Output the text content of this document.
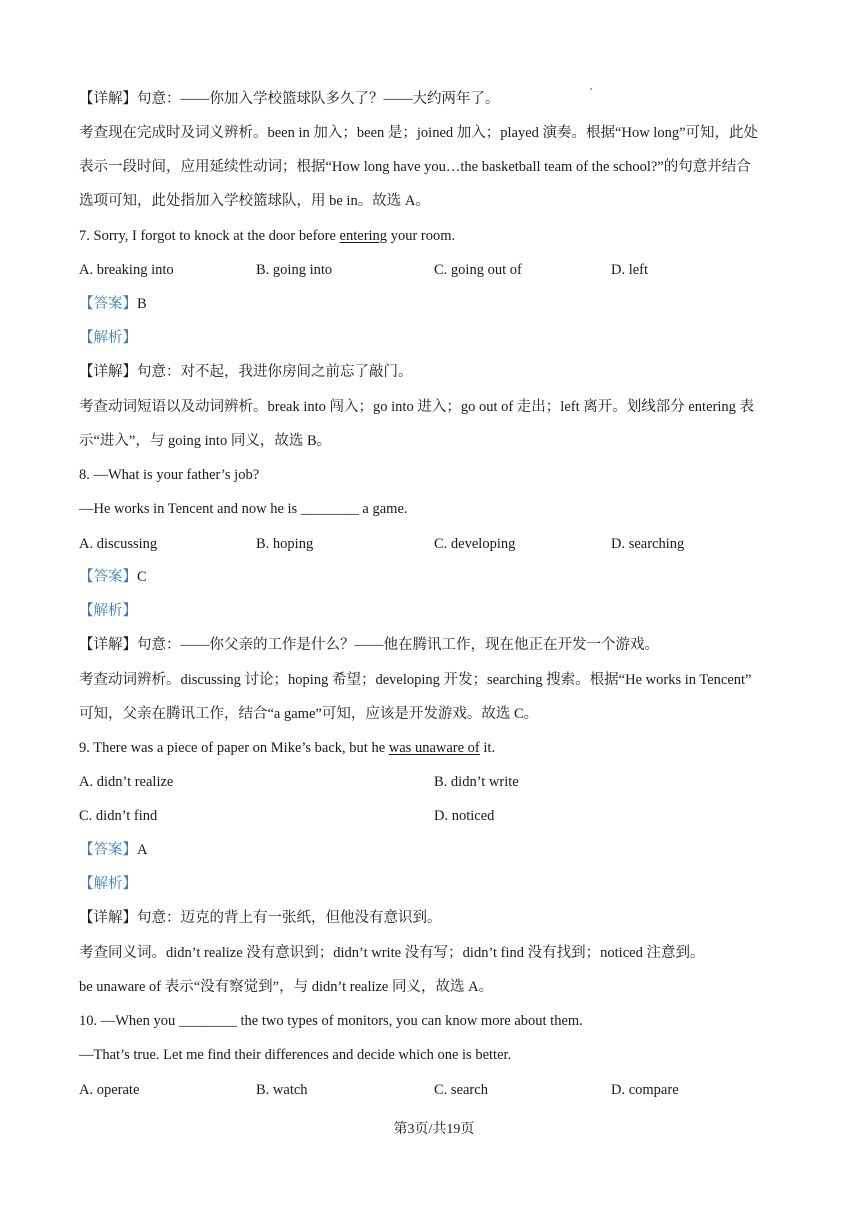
【详解】句意：——你加入学校篮球队多久了？——大约两年了。
考查现在完成时及词义辨析。been in 加入；been 是；joined 加入；played 演奏。根据“How long”可知，此处
表示一段时间，应用延续性动词；根据“How long have you…the basketball team of the school?”的句意并结合
选项可知，此处指加入学校篮球队，用 be in。故选 A。
7. Sorry, I forgot to knock at the door before entering your room.
A. breaking into	B. going into	C. going out of	D. left
【答案】B
【解析】
【详解】句意：对不起，我进你房间之前忘了敲门。
考查动词短语以及动词辨析。break into 闯入；go into 进入；go out of 走出；left 离开。划线部分 entering 表
示“进入”，与 going into 同义，故选 B。
8. —What is your father’s job?
—He works in Tencent and now he is ________ a game.
A. discussing	B. hoping	C. developing	D. searching
【答案】C
【解析】
【详解】句意：——你父亲的工作是什么？——他在腾讯工作，现在他正在开发一个游戏。
考查动词辨析。discussing 讨论；hoping 希望；developing 开发；searching 搜索。根据“He works in Tencent”
可知，父亲在腾讯工作，结合“a game”可知，应该是开发游戏。故选 C。
9. There was a piece of paper on Mike’s back, but he was unaware of it.
A. didn’t realize	B. didn’t write
C. didn’t find	D. noticed
【答案】A
【解析】
【详解】句意：迈克的背上有一张纸，但他没有意识到。
考查同义词。didn’t realize 没有意识到；didn’t write 没有写；didn’t find 没有找到；noticed 注意到。
be unaware of 表示“没有察觉到”，与 didn’t realize 同义，故选 A。
10. —When you ________ the two types of monitors, you can know more about them.
—That’s true. Let me find their differences and decide which one is better.
A. operate	B. watch	C. search	D. compare
第3页/共19页
